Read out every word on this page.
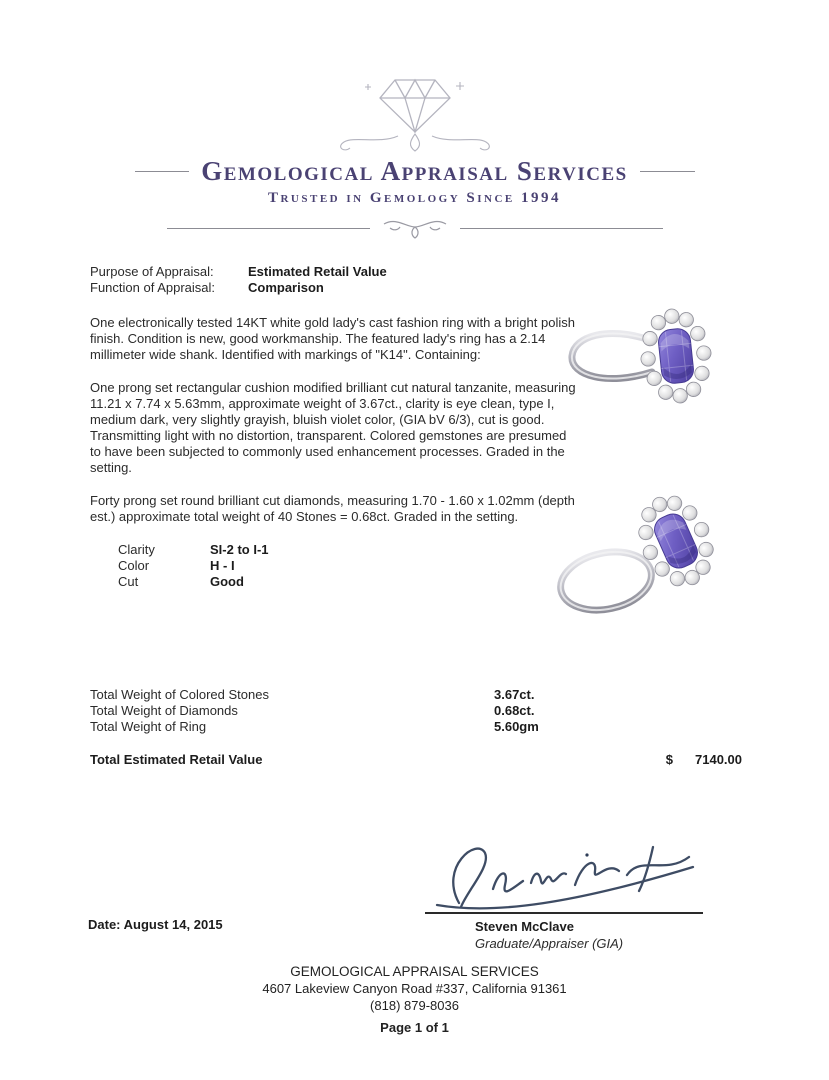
Gemological Appraisal Services
Trusted in Gemology Since 1994
Purpose of Appraisal:	Estimated Retail Value
Function of Appraisal:	Comparison

One electronically tested 14KT white gold lady's cast fashion ring with a bright polish finish. Condition is new, good workmanship. The featured lady's ring has a 2.14 millimeter wide shank. Identified with markings of "K14". Containing:

One prong set rectangular cushion modified brilliant cut natural tanzanite, measuring 11.21 x 7.74 x 5.63mm, approximate weight of 3.67ct., clarity is eye clean, type I, medium dark, very slightly grayish, bluish violet color, (GIA bV 6/3), cut is good. Transmitting light with no distortion, transparent. Colored gemstones are presumed to have been subjected to commonly used enhancement processes. Graded in the setting.

Forty prong set round brilliant cut diamonds, measuring 1.70 - 1.60 x 1.02mm (depth est.) approximate total weight of 40 Stones = 0.68ct. Graded in the setting.

Clarity	SI-2 to I-1
Color	H - I
Cut	Good
Total Weight of Colored Stones	3.67ct.
Total Weight of Diamonds	0.68ct.
Total Weight of Ring	5.60gm
Total Estimated Retail Value	$ 7140.00
Steven McClave
Graduate/Appraiser (GIA)
Date: August 14, 2015
GEMOLOGICAL APPRAISAL SERVICES
4607 Lakeview Canyon Road #337, California 91361
(818) 879-8036
Page 1 of 1
